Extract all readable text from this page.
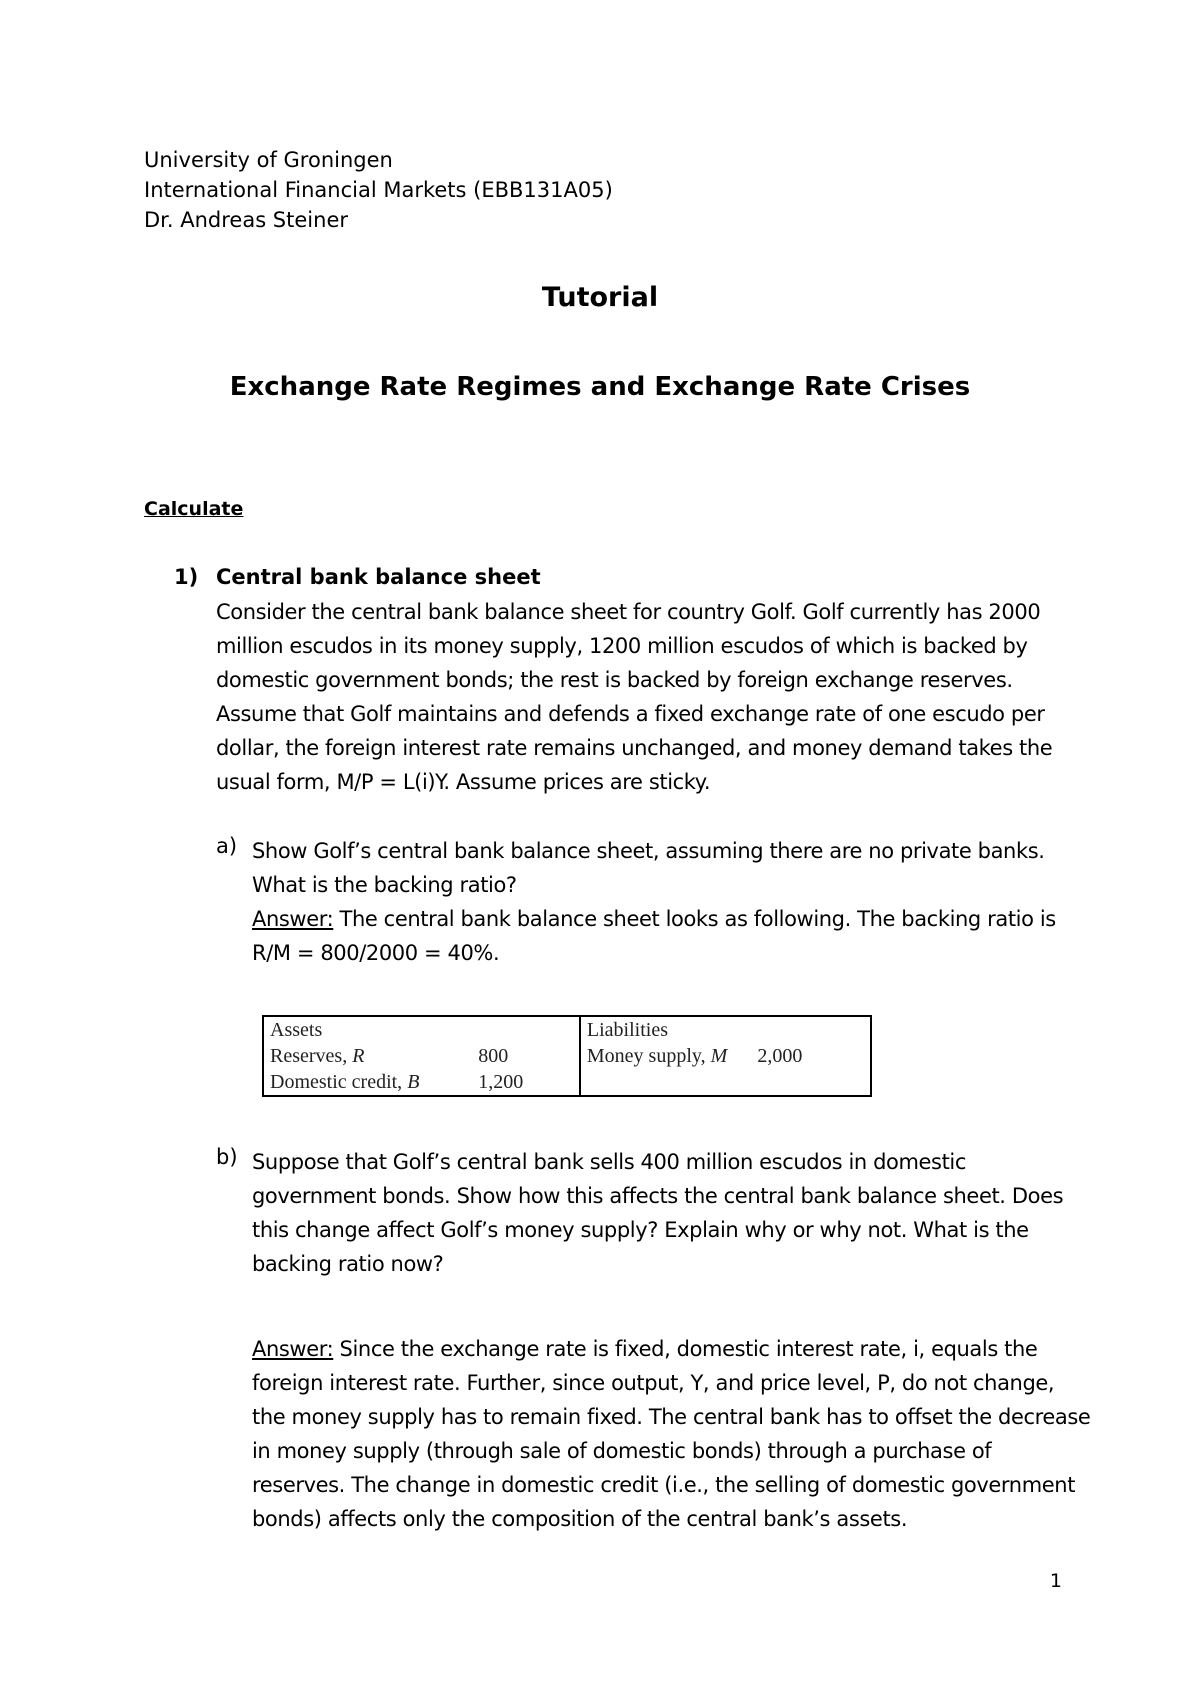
University of Groningen
International Financial Markets (EBB131A05)
Dr. Andreas Steiner
Tutorial
Exchange Rate Regimes and Exchange Rate Crises
Calculate
1) Central bank balance sheet

Consider the central bank balance sheet for country Golf. Golf currently has 2000

million escudos in its money supply, 1200 million escudos of which is backed by

domestic government bonds; the rest is backed by foreign exchange reserves.

Assume that Golf maintains and defends a fixed exchange rate of one escudo per

dollar, the foreign interest rate remains unchanged, and money demand takes the

usual form, M/P = L(i)Y. Assume prices are sticky.

a) Show Golf’s central bank balance sheet, assuming there are no private banks.

What is the backing ratio?

Answer: The central bank balance sheet looks as following. The backing ratio is

R/M = 800/2000 = 40%.

Assets		Liabilities	
Reserves, R	800	Money supply, M	2,000
Domestic credit, B	1,200		
b) Suppose that Golf’s central bank sells 400 million escudos in domestic

government bonds. Show how this affects the central bank balance sheet. Does

this change affect Golf’s money supply? Explain why or why not. What is the

backing ratio now?

Answer: Since the exchange rate is fixed, domestic interest rate, i, equals the

foreign interest rate. Further, since output, Y, and price level, P, do not change,

the money supply has to remain fixed. The central bank has to offset the decrease

in money supply (through sale of domestic bonds) through a purchase of

reserves. The change in domestic credit (i.e., the selling of domestic government

bonds) affects only the composition of the central bank’s assets.

1
